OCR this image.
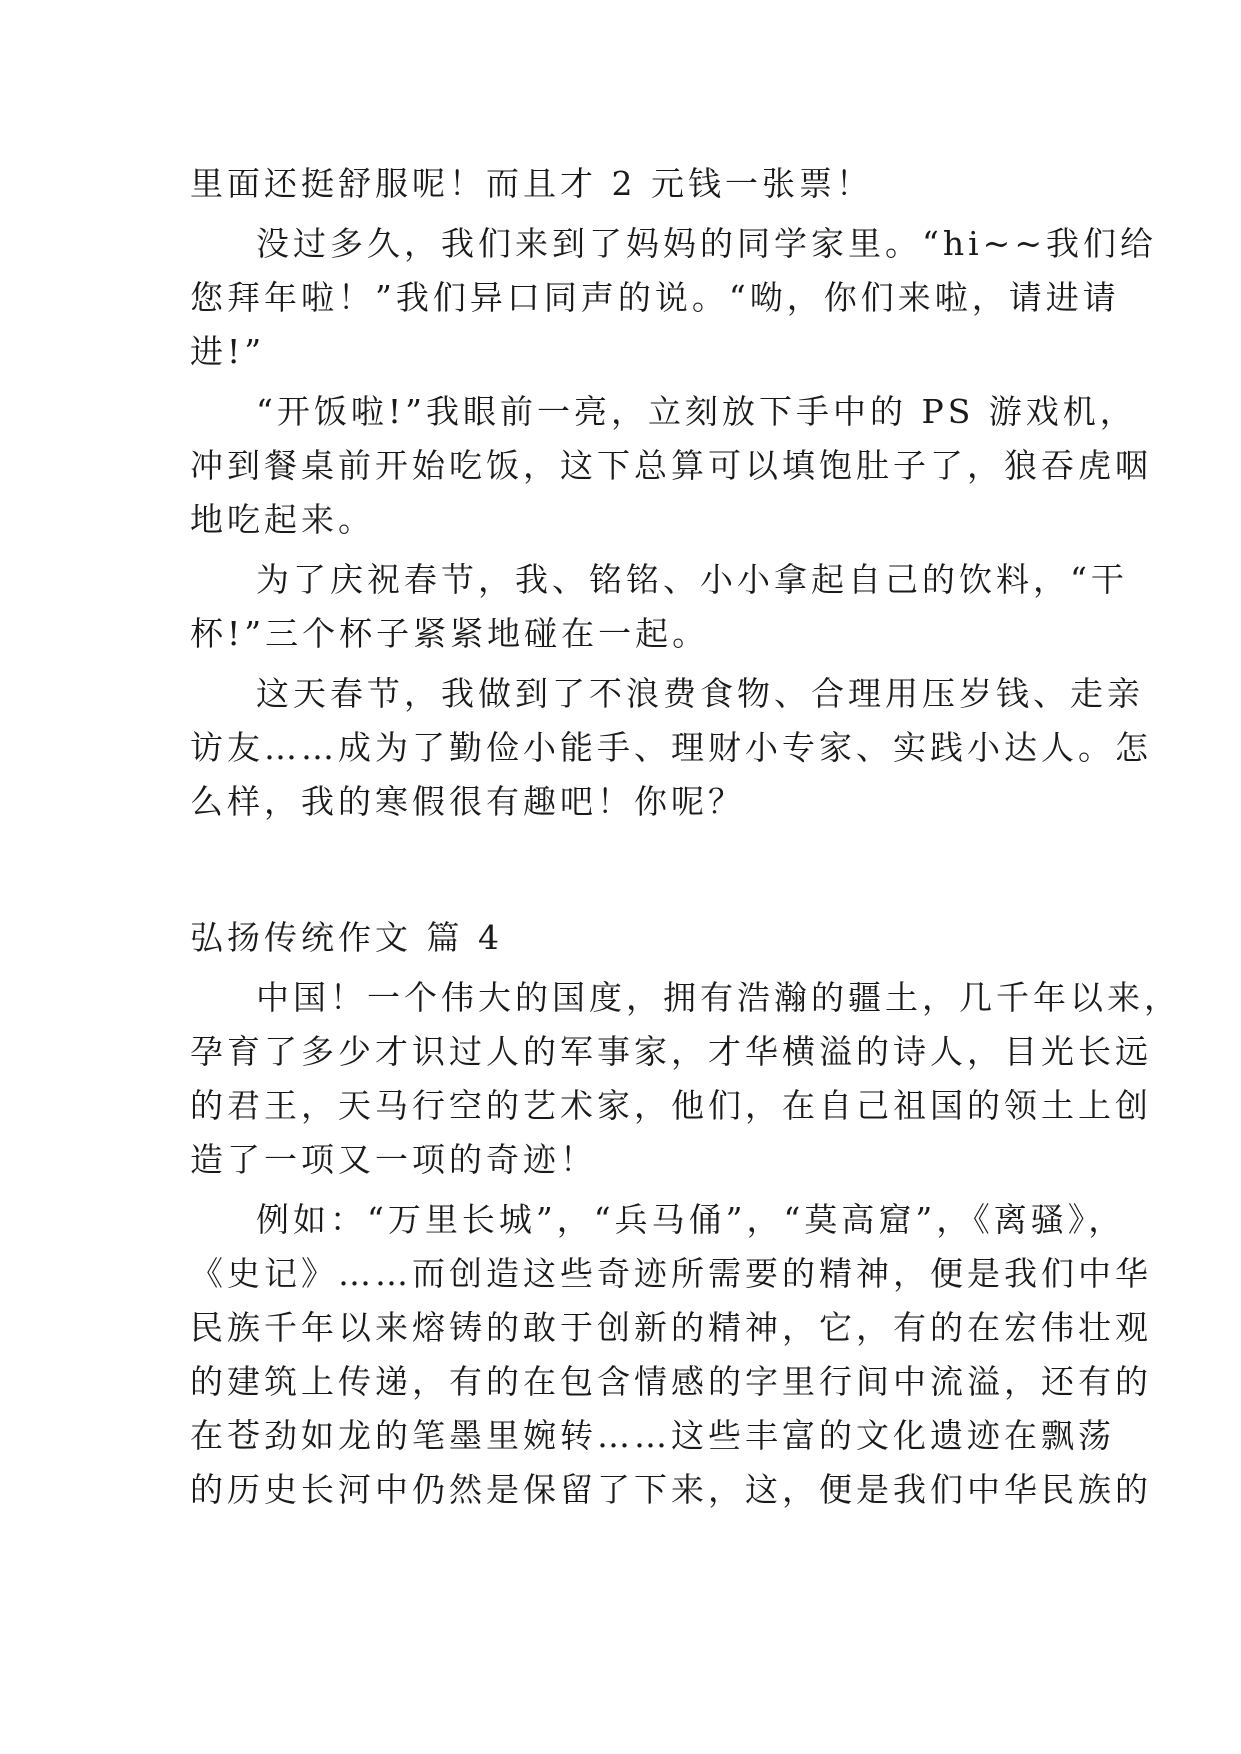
里面还挺舒服呢！而且才 2 元钱一张票！
没过多久，我们来到了妈妈的同学家里。“hi~~我们给
您拜年啦！”我们异口同声的说。“呦，你们来啦，请进请
进!”
“开饭啦!”我眼前一亮，立刻放下手中的 PS 游戏机，
冲到餐桌前开始吃饭，这下总算可以填饱肚子了，狼吞虎咽
地吃起来。
为了庆祝春节，我、铭铭、小小拿起自己的饮料，“干
杯!”三个杯子紧紧地碰在一起。
这天春节，我做到了不浪费食物、合理用压岁钱、走亲
访友……成为了勤俭小能手、理财小专家、实践小达人。怎
么样，我的寒假很有趣吧！你呢？
弘扬传统作文 篇 4
中国！一个伟大的国度，拥有浩瀚的疆土，几千年以来，
孕育了多少才识过人的军事家，才华横溢的诗人，目光长远
的君王，天马行空的艺术家，他们，在自己祖国的领土上创
造了一项又一项的奇迹！
例如：“万里长城”，“兵马俑”，“莫高窟”，《离骚》，
《史记》……而创造这些奇迹所需要的精神，便是我们中华
民族千年以来熔铸的敢于创新的精神，它，有的在宏伟壮观
的建筑上传递，有的在包含情感的字里行间中流溢，还有的
在苍劲如龙的笔墨里婉转……这些丰富的文化遗迹在飘荡
的历史长河中仍然是保留了下来，这，便是我们中华民族的
